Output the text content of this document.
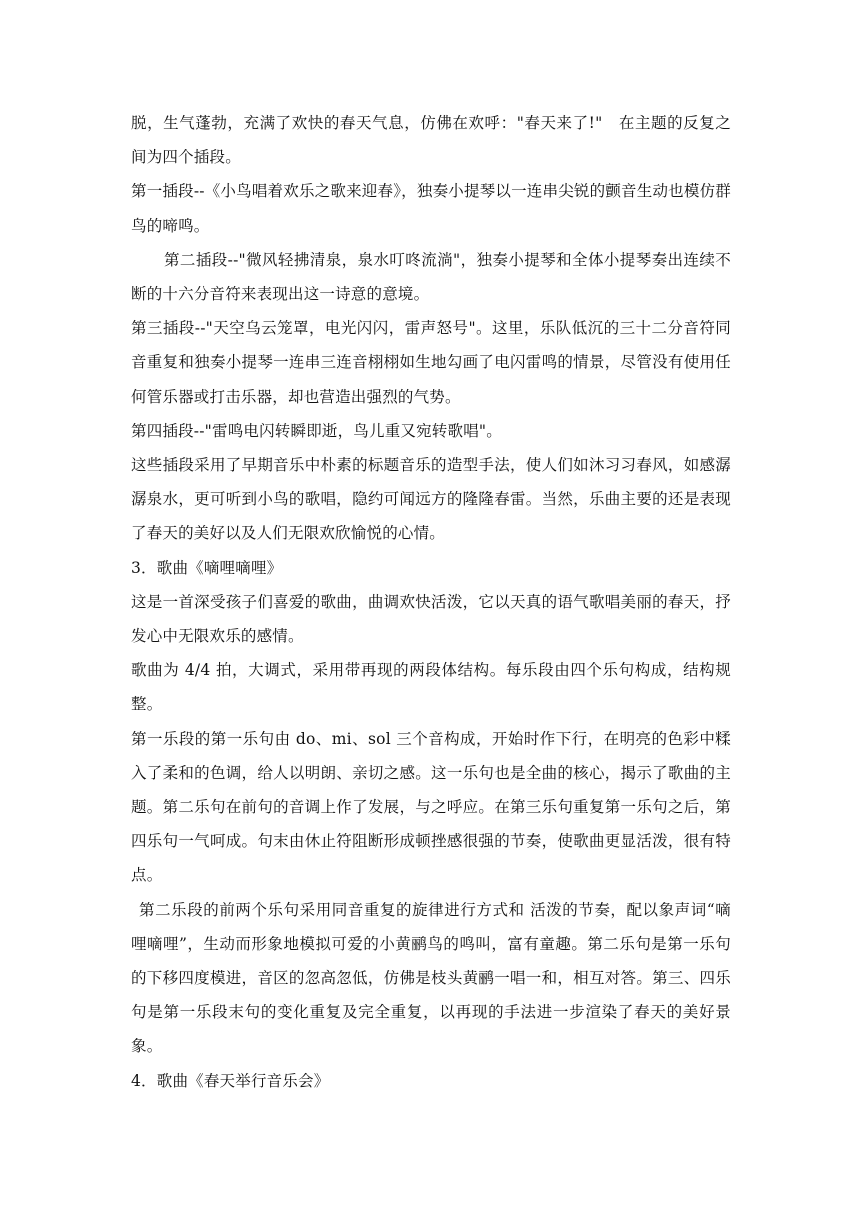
脱，生气蓬勃，充满了欢快的春天气息，仿佛在欢呼："春天来了!"　在主题的反复之间为四个插段。

第一插段--《小鸟唱着欢乐之歌来迎春》，独奏小提琴以一连串尖锐的颤音生动也模仿群鸟的啼鸣。

第二插段--"微风轻拂清泉，泉水叮咚流淌"，独奏小提琴和全体小提琴奏出连续不断的十六分音符来表现出这一诗意的意境。

第三插段--"天空乌云笼罩，电光闪闪，雷声怒号"。这里，乐队低沉的三十二分音符同音重复和独奏小提琴一连串三连音栩栩如生地勾画了电闪雷鸣的情景，尽管没有使用任何管乐器或打击乐器，却也营造出强烈的气势。

第四插段--"雷鸣电闪转瞬即逝，鸟儿重又宛转歌唱"。

这些插段采用了早期音乐中朴素的标题音乐的造型手法，使人们如沐习习春风，如感潺潺泉水，更可听到小鸟的歌唱，隐约可闻远方的隆隆春雷。当然，乐曲主要的还是表现了春天的美好以及人们无限欢欣愉悦的心情。

3．歌曲《嘀哩嘀哩》

这是一首深受孩子们喜爱的歌曲，曲调欢快活泼，它以天真的语气歌唱美丽的春天，抒发心中无限欢乐的感情。

歌曲为 4/4 拍，大调式，采用带再现的两段体结构。每乐段由四个乐句构成，结构规整。

第一乐段的第一乐句由 do、mi、sol 三个音构成，开始时作下行，在明亮的色彩中糅入了柔和的色调，给人以明朗、亲切之感。这一乐句也是全曲的核心，揭示了歌曲的主题。第二乐句在前句的音调上作了发展，与之呼应。在第三乐句重复第一乐句之后，第四乐句一气呵成。句末由休止符阻断形成顿挫感很强的节奏，使歌曲更显活泼，很有特点。

第二乐段的前两个乐句采用同音重复的旋律进行方式和 活泼的节奏，配以象声词“嘀哩嘀哩”，生动而形象地模拟可爱的小黄鹂鸟的鸣叫，富有童趣。第二乐句是第一乐句的下移四度模进，音区的忽高忽低，仿佛是枝头黄鹂一唱一和，相互对答。第三、四乐句是第一乐段末句的变化重复及完全重复，以再现的手法进一步渲染了春天的美好景象。

4．歌曲《春天举行音乐会》
